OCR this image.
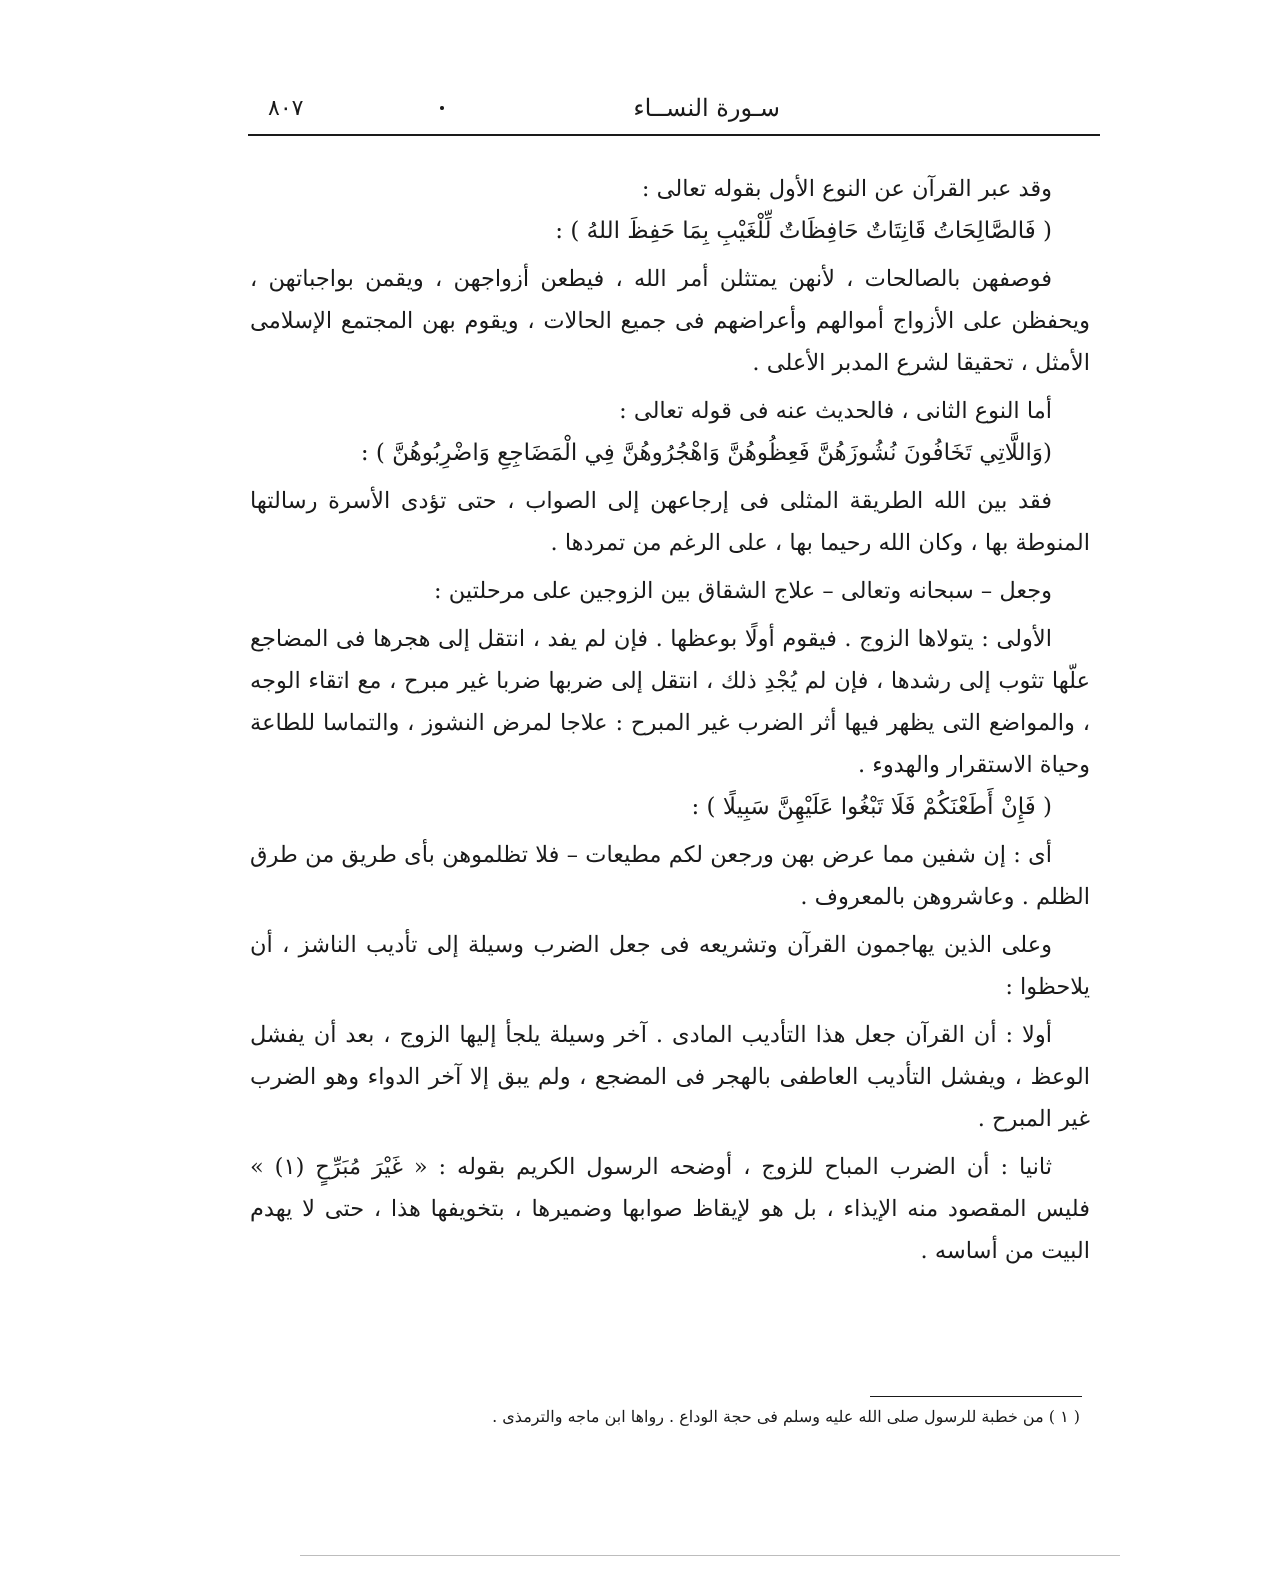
سـورة النســاء
٨٠٧

وقد عبر القرآن عن النوع الأول بقوله تعالى :

( فَالصَّالِحَاتُ قَانِتَاتٌ حَافِظَاتٌ لِّلْغَيْبِ بِمَا حَفِظَ اللهُ ) :

فوصفهن بالصالحات ، لأنهن يمتثلن أمر الله ، فيطعن أزواجهن ، ويقمن بواجباتهن ، ويحفظن على الأزواج أموالهم وأعراضهم فى جميع الحالات ، ويقوم بهن المجتمع الإسلامى الأمثل ، تحقيقا لشرع المدبر الأعلى .

أما النوع الثانى ، فالحديث عنه فى قوله تعالى :

(وَاللَّاتِي تَخَافُونَ نُشُوزَهُنَّ فَعِظُوهُنَّ وَاهْجُرُوهُنَّ فِي الْمَضَاجِعِ وَاضْرِبُوهُنَّ ) :

فقد بين الله الطريقة المثلى فى إرجاعهن إلى الصواب ، حتى تؤدى الأسرة رسالتها المنوطة بها ، وكان الله رحيما بها ، على الرغم من تمردها .

وجعل – سبحانه وتعالى – علاج الشقاق بين الزوجين على مرحلتين :

الأولى : يتولاها الزوج . فيقوم أولًا بوعظها . فإن لم يفد ، انتقل إلى هجرها فى المضاجع علّها تثوب إلى رشدها ، فإن لم يُجْدِ ذلك ، انتقل إلى ضربها ضربا غير مبرح ، مع اتقاء الوجه ، والمواضع التى يظهر فيها أثر الضرب غير المبرح : علاجا لمرض النشوز ، والتماسا للطاعة وحياة الاستقرار والهدوء .

( فَإِنْ أَطَعْنَكُمْ فَلَا تَبْغُوا عَلَيْهِنَّ سَبِيلًا ) :

أى : إن شفين مما عرض بهن ورجعن لكم مطيعات – فلا تظلموهن بأى طريق من طرق الظلم . وعاشروهن بالمعروف .

وعلى الذين يهاجمون القرآن وتشريعه فى جعل الضرب وسيلة إلى تأديب الناشز ، أن يلاحظوا :

أولا : أن القرآن جعل هذا التأديب المادى . آخر وسيلة يلجأ إليها الزوج ، بعد أن يفشل الوعظ ، ويفشل التأديب العاطفى بالهجر فى المضجع ، ولم يبق إلا آخر الدواء وهو الضرب غير المبرح .

ثانيا : أن الضرب المباح للزوج ، أوضحه الرسول الكريم بقوله : « غَيْرَ مُبَرِّحٍ (١) » فليس المقصود منه الإيذاء ، بل هو لإيقاظ صوابها وضميرها ، بتخويفها هذا ، حتى لا يهدم البيت من أساسه .

( ١ ) من خطبة للرسول صلى الله عليه وسلم فى حجة الوداع . رواها ابن ماجه والترمذى .
